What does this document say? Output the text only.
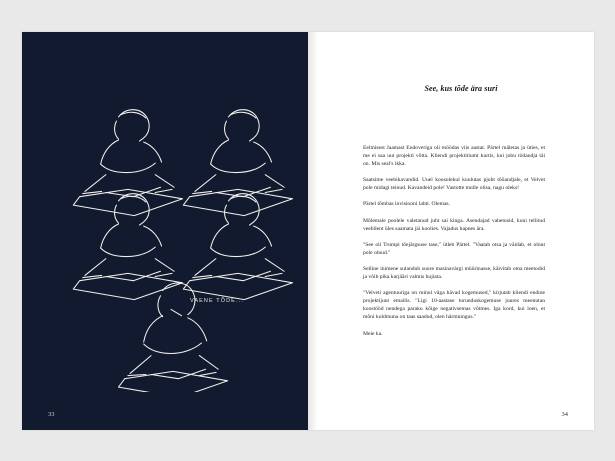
VAENE TÕDE...
33
See, kus tõde ära suri

Eelmisest Jaamast Endoveriga oli möödas viis aastat. Pärtel mäletas ja üties, et me ei saa uut projekti võtta. Kliendi projektitiumt kurtis, kui jobu tödandja täi on. Mis seal's ikka.

Saatsime veebikavandid. Uuel koosolekul kuulutas pjuht tõõandjale, et Velvet pole midagi teinud. Kavandeid pole! Vastotte mulle olisa, nagu oleks!

Pärtel tõmbas invisiooni lahti. Olemas.

Mõlemale poolele valetanud juht sai kinga. Asendajad vahetusid, kuni tellitud veebilent üles saamata jäi koolies. Vajadus hapnes ära.

"See oli Trumpi tõejärgsuse tase," ütleb Pärtel. "Vaatab otsa ja väidab, et olnut pole olnud."

Selline inimene sulandub suure masinavärgi müürinasse, käivitab oma meetodid ja võib pika karjääri valmis hujiata.

"Velveti agentuuriga on minul väga hävad kogemused," kirjutab kliendi endine projektijunt emailis. "Ligi 10-aastase turunduskogemuse juures meenutan koostööd nendega paraku kõige negativsemas võtmes. Iga kord, kui loen, et mõni kuldmuna on taas saadud, olen härmningus."

Meie ka.

34
